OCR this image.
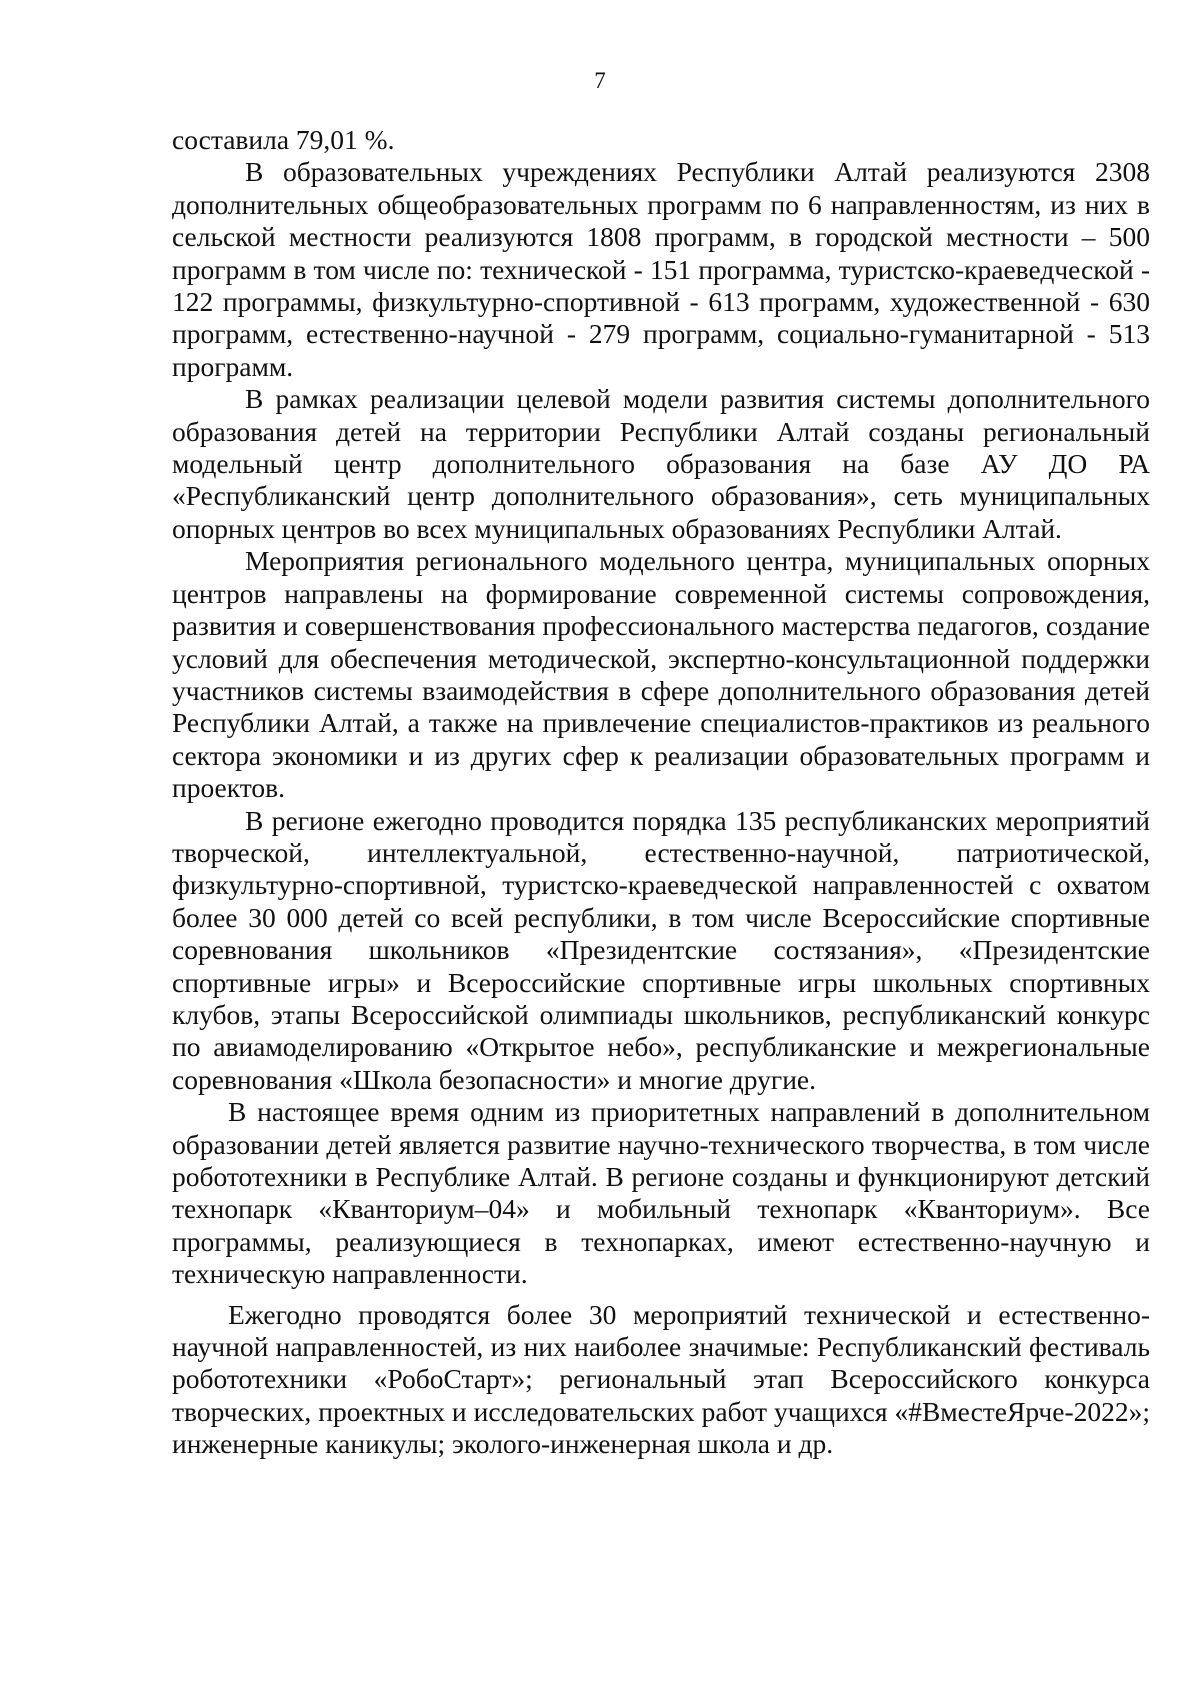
7

составила 79,01 %.

В образовательных учреждениях Республики Алтай реализуются 2308 дополнительных общеобразовательных программ по 6 направленностям, из них в сельской местности реализуются 1808 программ, в городской местности – 500 программ в том числе по: технической - 151 программа, туристско-краеведческой - 122 программы, физкультурно-спортивной - 613 программ, художественной - 630 программ, естественно-научной - 279 программ, социально-гуманитарной - 513 программ.

В рамках реализации целевой модели развития системы дополнительного образования детей на территории Республики Алтай созданы региональный модельный центр дополнительного образования на базе АУ ДО РА «Республиканский центр дополнительного образования», сеть муниципальных опорных центров во всех муниципальных образованиях Республики Алтай.

Мероприятия регионального модельного центра, муниципальных опорных центров направлены на формирование современной системы сопровождения, развития и совершенствования профессионального мастерства педагогов, создание условий для обеспечения методической, экспертно-консультационной поддержки участников системы взаимодействия в сфере дополнительного образования детей Республики Алтай, а также на привлечение специалистов-практиков из реального сектора экономики и из других сфер к реализации образовательных программ и проектов.

В регионе ежегодно проводится порядка 135 республиканских мероприятий творческой, интеллектуальной, естественно-научной, патриотической, физкультурно-спортивной, туристско-краеведческой направленностей с охватом более 30 000 детей со всей республики, в том числе Всероссийские спортивные соревнования школьников «Президентские состязания», «Президентские спортивные игры» и Всероссийские спортивные игры школьных спортивных клубов, этапы Всероссийской олимпиады школьников, республиканский конкурс по авиамоделированию «Открытое небо», республиканские и межрегиональные соревнования «Школа безопасности» и многие другие.

В настоящее время одним из приоритетных направлений в дополнительном образовании детей является развитие научно-технического творчества, в том числе робототехники в Республике Алтай. В регионе созданы и функционируют детский технопарк «Кванториум–04» и мобильный технопарк «Кванториум». Все программы, реализующиеся в технопарках, имеют естественно-научную и техническую направленности.

Ежегодно проводятся более 30 мероприятий технической и естественно-научной направленностей, из них наиболее значимые: Республиканский фестиваль робототехники «РобоСтарт»; региональный этап Всероссийского конкурса творческих, проектных и исследовательских работ учащихся «#ВместеЯрче-2022»; инженерные каникулы; эколого-инженерная школа и др.
